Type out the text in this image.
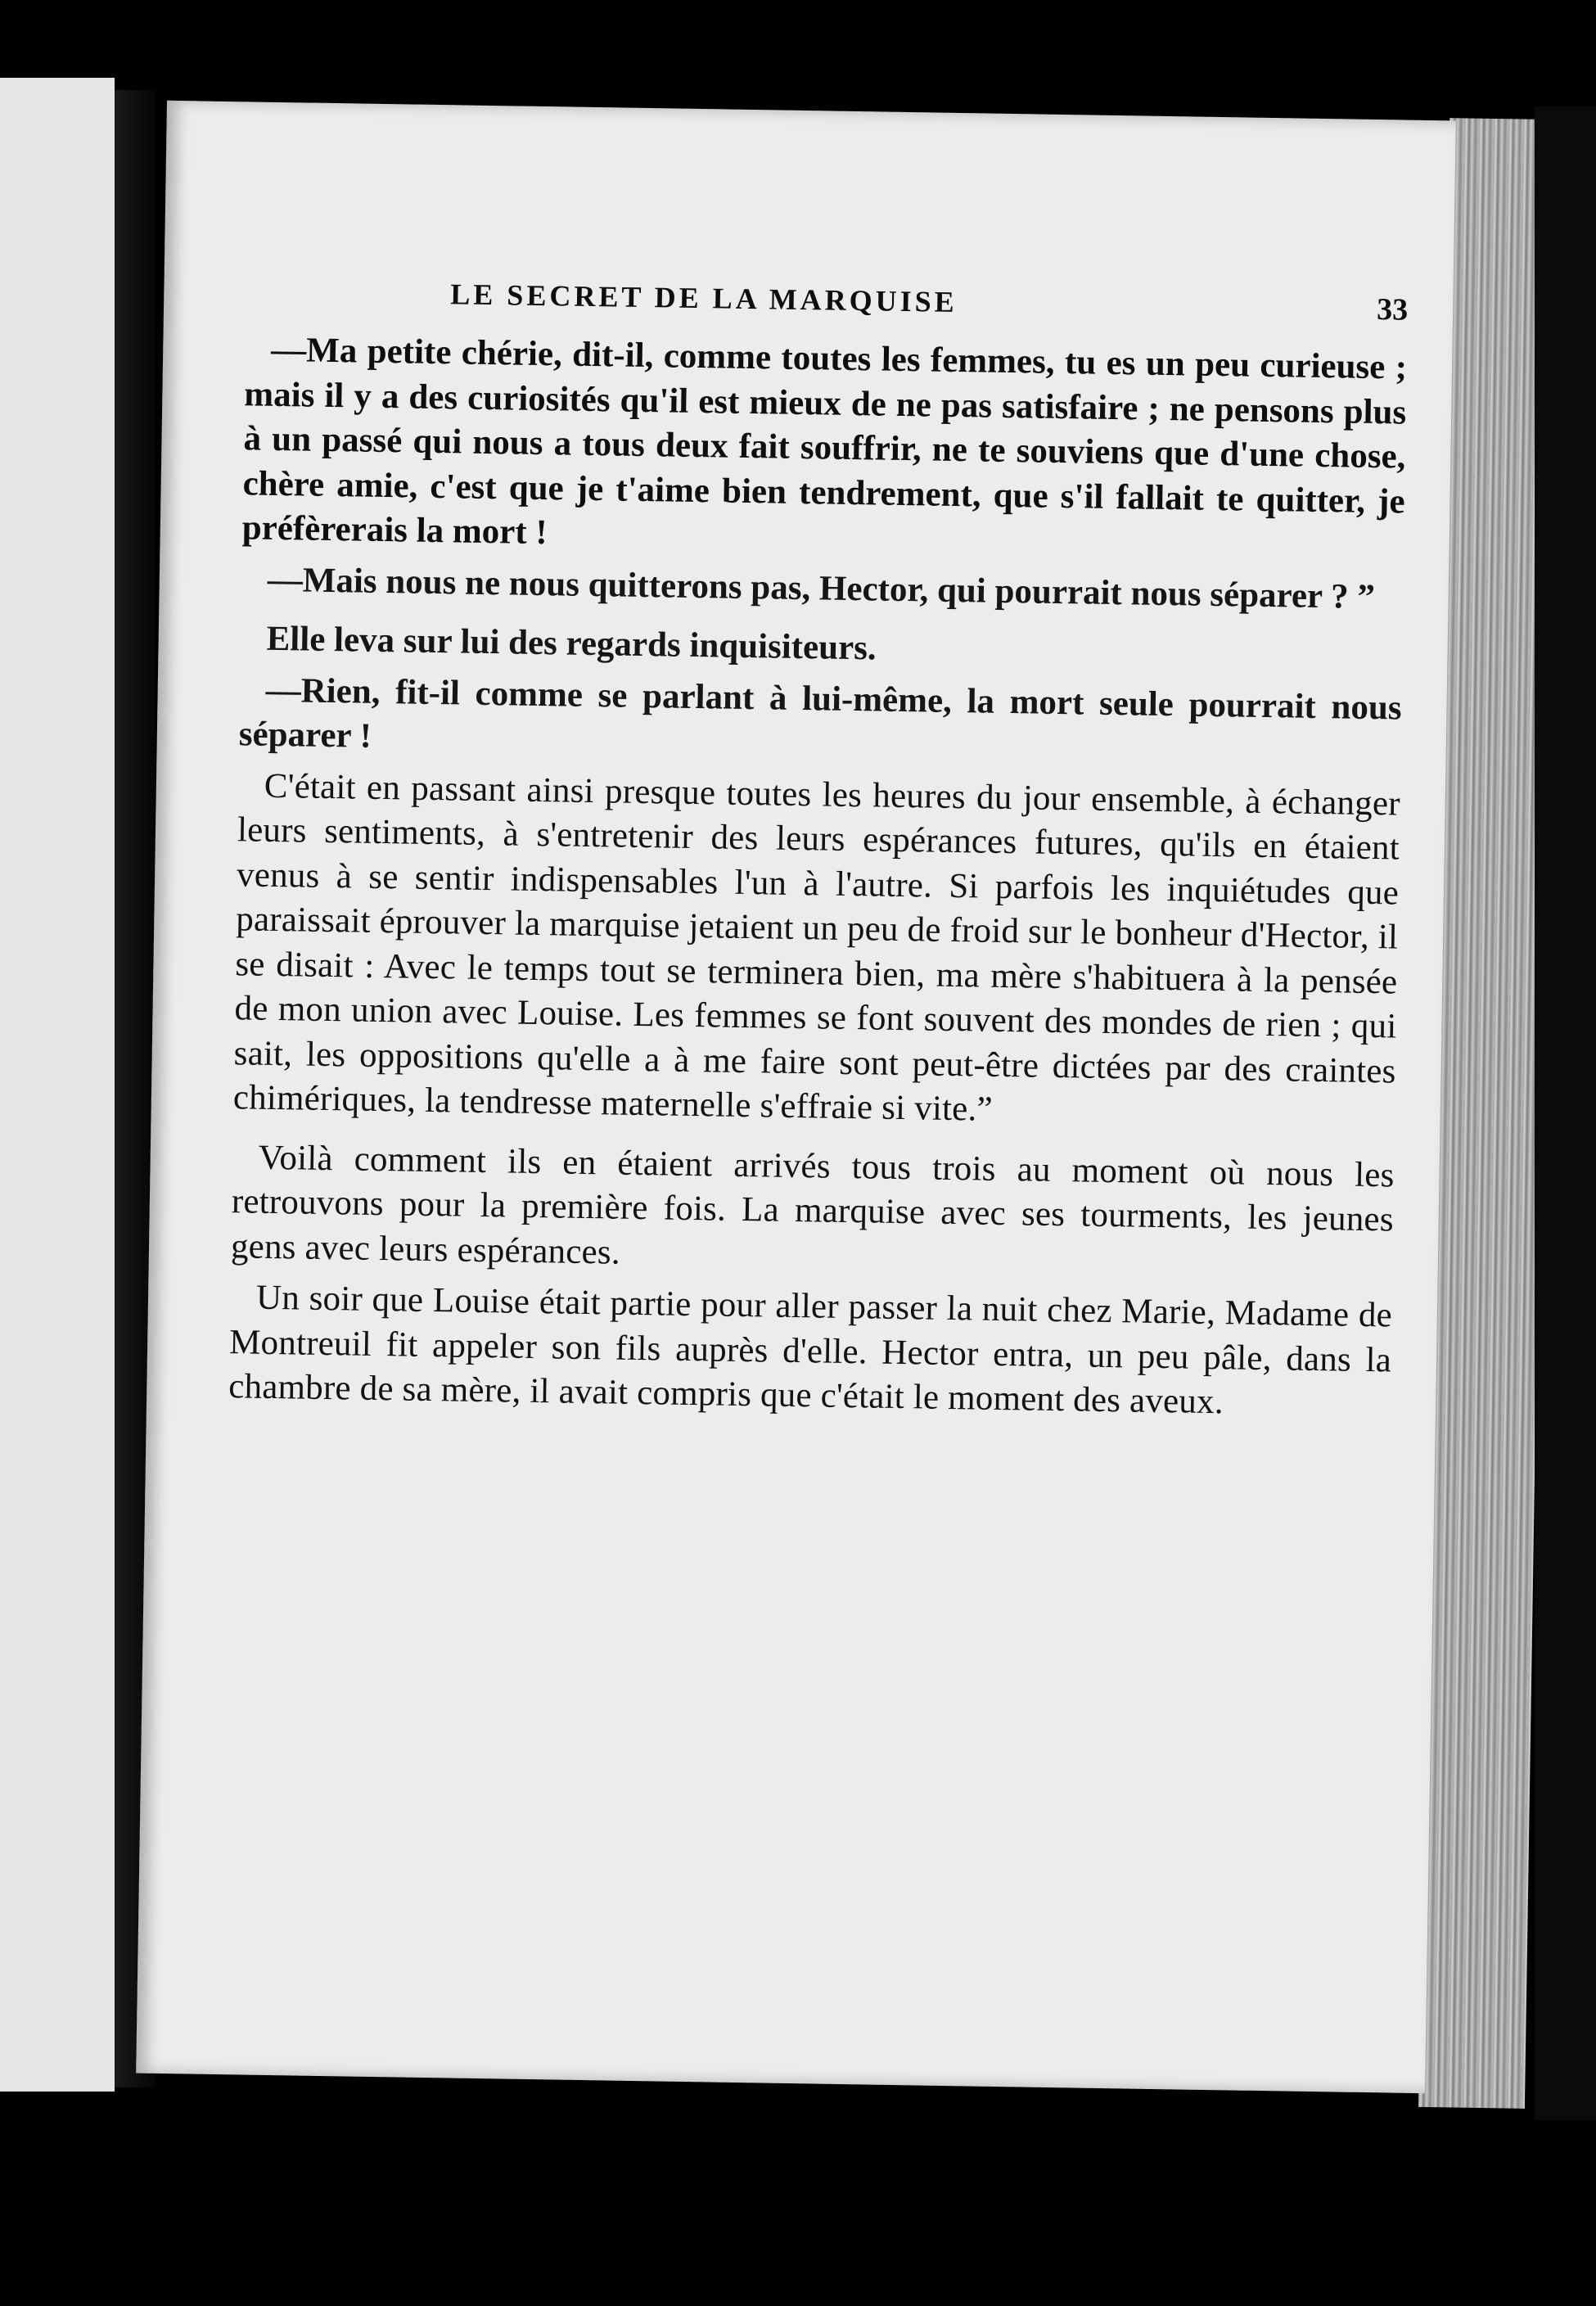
LE SECRET DE LA MARQUISE	33

—Ma petite chérie, dit-il, comme toutes les femmes, tu es un peu curieuse ; mais il y a des curiosités qu'il est mieux de ne pas satisfaire ; ne pensons plus à un passé qui nous a tous deux fait souffrir, ne te souviens que d'une chose, chère amie, c'est que je t'aime bien tendrement, que s'il fallait te quitter, je préfèrerais la mort !

—Mais nous ne nous quitterons pas, Hector, qui pourrait nous séparer ? ”

Elle leva sur lui des regards inquisiteurs.

—Rien, fit-il comme se parlant à lui-même, la mort seule pourrait nous séparer !

C'était en passant ainsi presque toutes les heures du jour ensemble, à échanger leurs sentiments, à s'entretenir des leurs espérances futures, qu'ils en étaient venus à se sentir indispensables l'un à l'autre. Si parfois les inquiétudes que paraissait éprouver la marquise jetaient un peu de froid sur le bonheur d'Hector, il se disait : Avec le temps tout se terminera bien, ma mère s'habituera à la pensée de mon union avec Louise. Les femmes se font souvent des mondes de rien ; qui sait, les oppositions qu'elle a à me faire sont peut-être dictées par des craintes chimériques, la tendresse maternelle s'effraie si vite.”

Voilà comment ils en étaient arrivés tous trois au moment où nous les retrouvons pour la première fois. La marquise avec ses tourments, les jeunes gens avec leurs espérances.

Un soir que Louise était partie pour aller passer la nuit chez Marie, Madame de Montreuil fit appeler son fils auprès d'elle. Hector entra, un peu pâle, dans la chambre de sa mère, il avait compris que c'était le moment des aveux.
